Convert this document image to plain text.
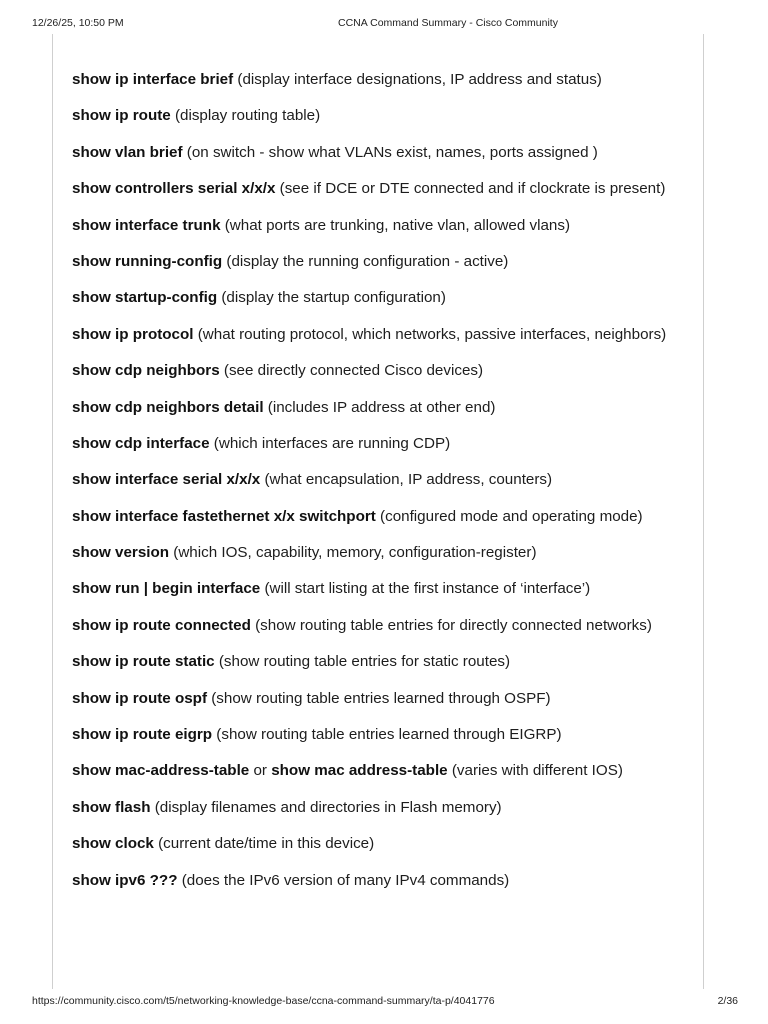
12/26/25, 10:50 PM	CCNA Command Summary - Cisco Community

show ip interface brief (display interface designations, IP address and status)

show ip route (display routing table)

show vlan brief (on switch - show what VLANs exist, names, ports assigned )

show controllers serial x/x/x (see if DCE or DTE connected and if clockrate is present)

show interface trunk (what ports are trunking, native vlan, allowed vlans)

show running-config (display the running configuration - active)

show startup-config (display the startup configuration)

show ip protocol (what routing protocol, which networks, passive interfaces, neighbors)

show cdp neighbors (see directly connected Cisco devices)

show cdp neighbors detail (includes IP address at other end)

show cdp interface (which interfaces are running CDP)

show interface serial x/x/x (what encapsulation, IP address, counters)

show interface fastethernet x/x switchport (configured mode and operating mode)

show version (which IOS, capability, memory, configuration-register)

show run | begin interface (will start listing at the first instance of ‘interface’)

show ip route connected (show routing table entries for directly connected networks)

show ip route static (show routing table entries for static routes)

show ip route ospf (show routing table entries learned through OSPF)

show ip route eigrp (show routing table entries learned through EIGRP)

show mac-address-table or show mac address-table (varies with different IOS)

show flash (display filenames and directories in Flash memory)

show clock (current date/time in this device)

show ipv6 ??? (does the IPv6 version of many IPv4 commands)

https://community.cisco.com/t5/networking-knowledge-base/ccna-command-summary/ta-p/4041776	2/36
